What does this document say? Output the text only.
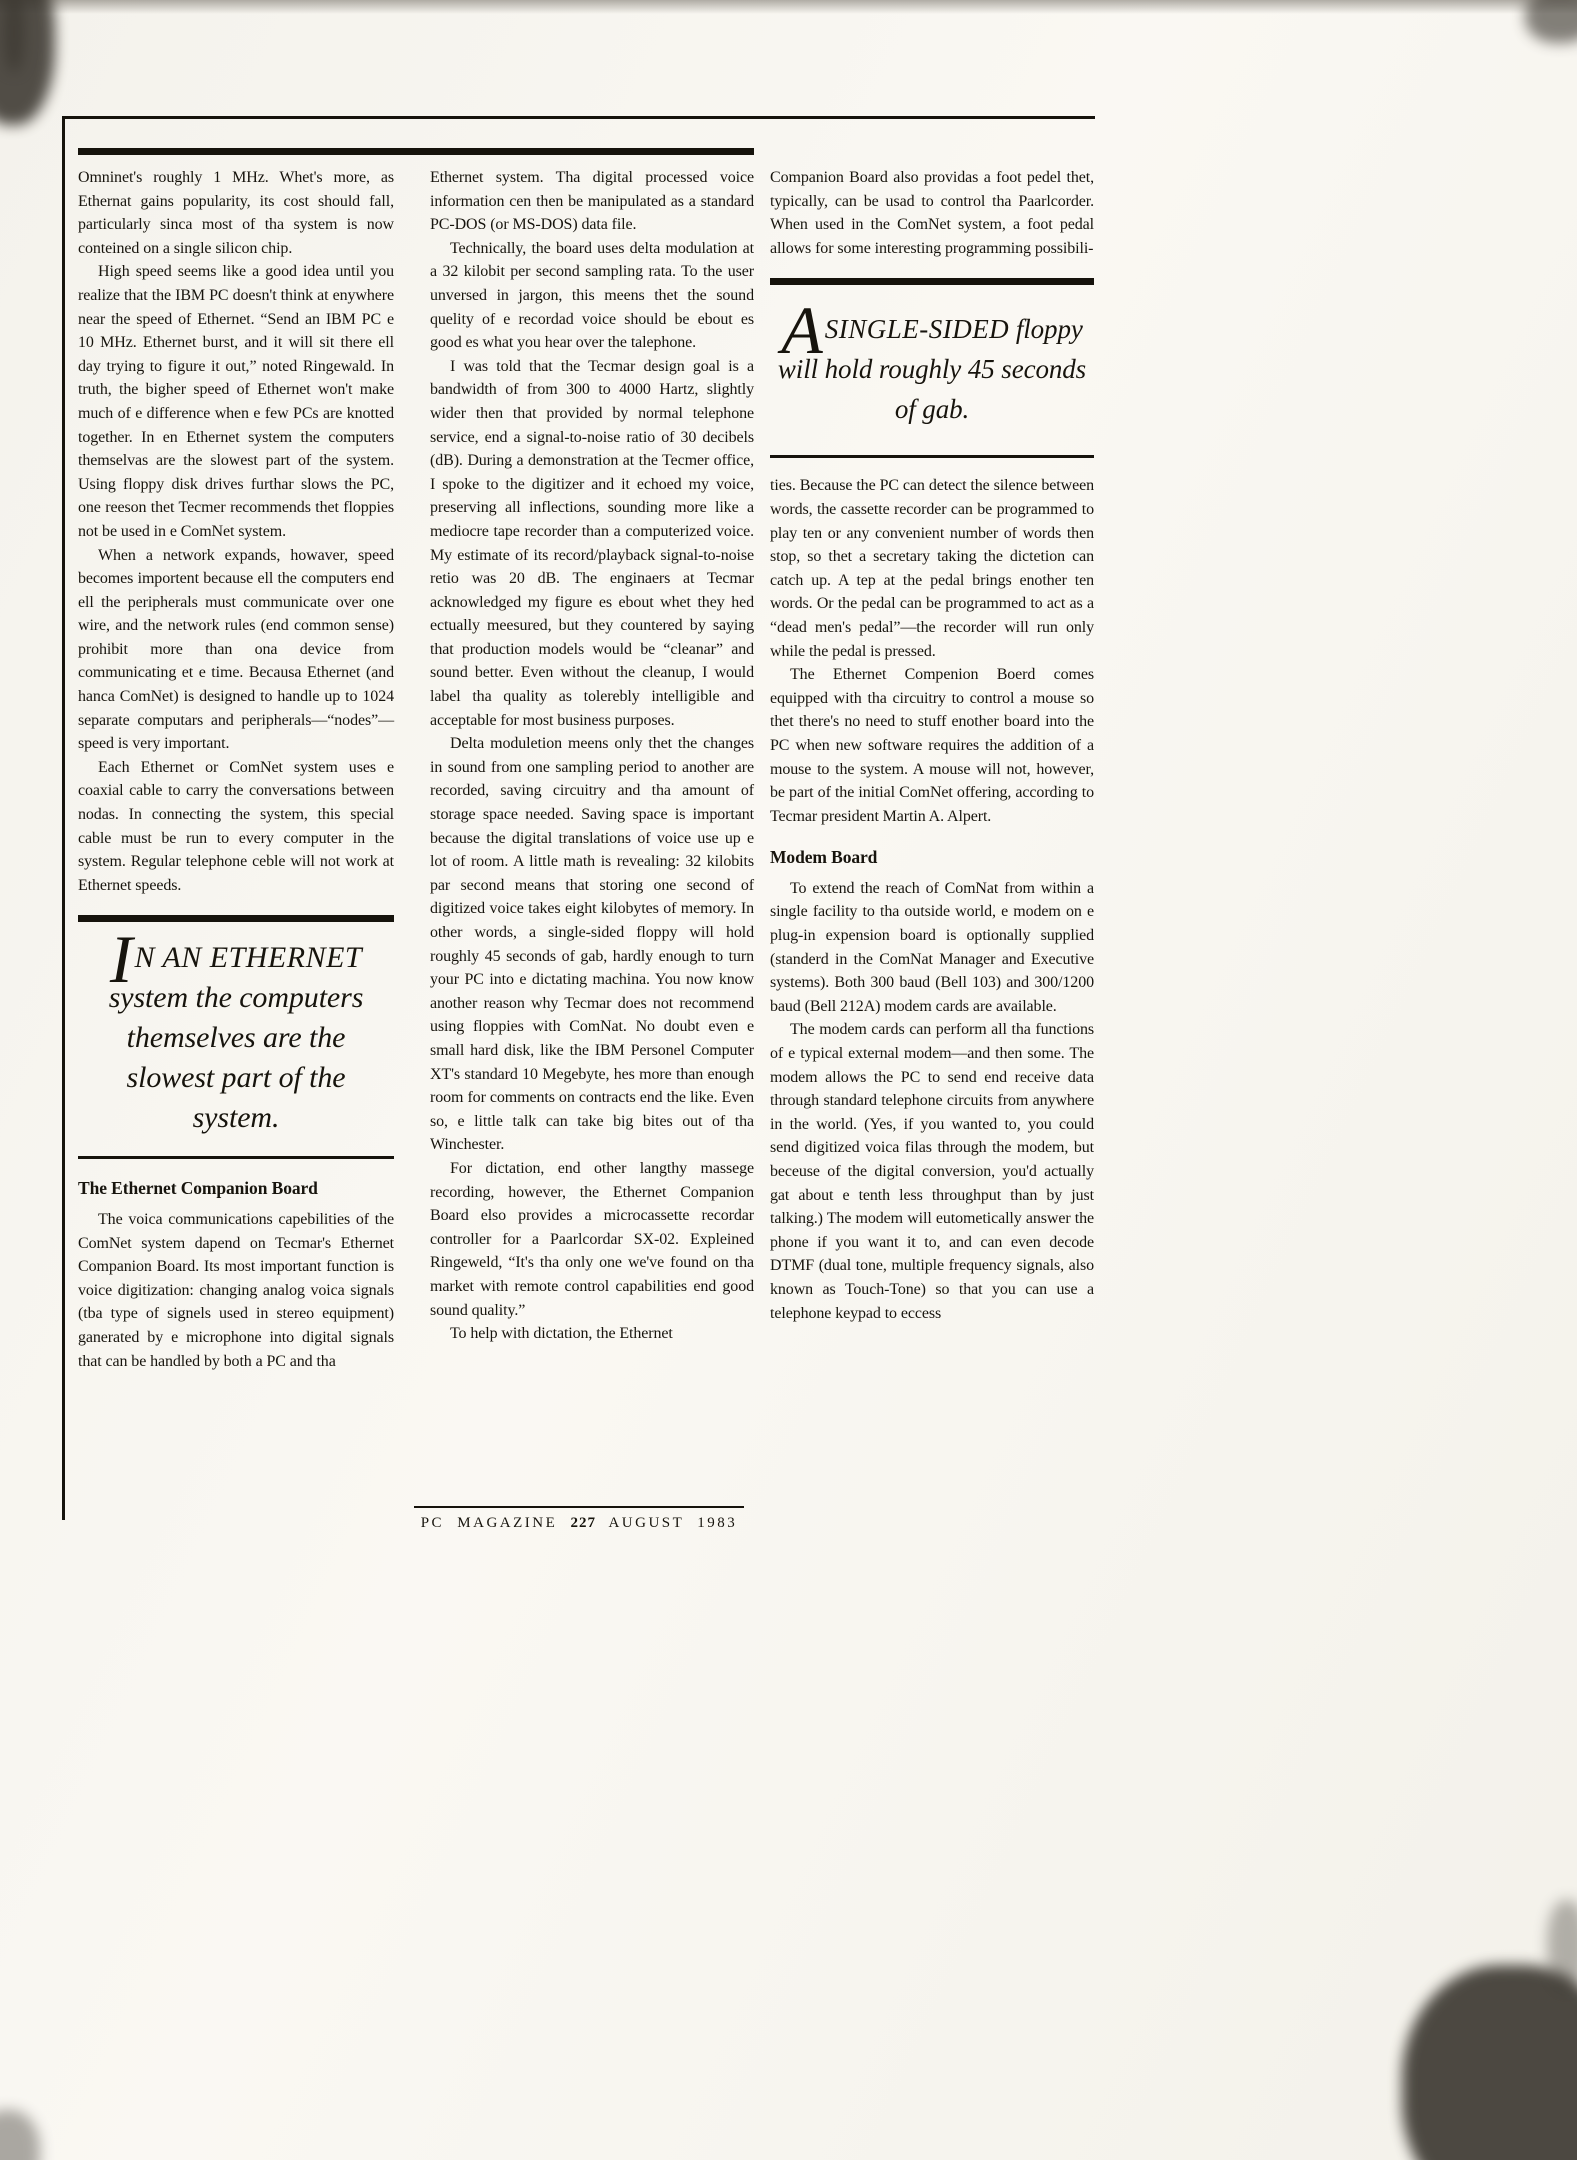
Omninet's roughly 1 MHz. Whet's more, as Ethernat gains popularity, its cost should fall, particularly sinca most of tha system is now conteined on a single silicon chip.

High speed seems like a good idea until you realize that the IBM PC doesn't think at enywhere near the speed of Ethernet. “Send an IBM PC e 10 MHz. Ethernet burst, and it will sit there ell day trying to figure it out,” noted Ringewald. In truth, the bigher speed of Ethernet won't make much of e difference when e few PCs are knotted together. In en Ethernet system the computers themselvas are the slowest part of the system. Using floppy disk drives furthar slows the PC, one reeson thet Tecmer recommends thet floppies not be used in e ComNet system.

When a network expands, howaver, speed becomes importent because ell the computers end ell the peripherals must communicate over one wire, and the network rules (end common sense) prohibit more than ona device from communicating et e time. Becausa Ethernet (and hanca ComNet) is designed to handle up to 1024 separate computars and peripherals—“nodes”—speed is very important.

Each Ethernet or ComNet system uses e coaxial cable to carry the conversations between nodas. In connecting the system, this special cable must be run to every computer in the system. Regular telephone ceble will not work at Ethernet speeds.

IN AN ETHERNET system the computers themselves are the slowest part of the system.
The Ethernet Companion Board

The voica communications capebilities of the ComNet system dapend on Tecmar's Ethernet Companion Board. Its most important function is voice digitization: changing analog voica signals (tba type of signels used in stereo equipment) ganerated by e microphone into digital signals that can be handled by both a PC and tha

Ethernet system. Tha digital processed voice information cen then be manipulated as a standard PC-DOS (or MS-DOS) data file.

Technically, the board uses delta modulation at a 32 kilobit per second sampling rata. To the user unversed in jargon, this meens thet the sound quelity of e recordad voice should be ebout es good es what you hear over the talephone.

I was told that the Tecmar design goal is a bandwidth of from 300 to 4000 Hartz, slightly wider then that provided by normal telephone service, end a signal-to-noise ratio of 30 decibels (dB). During a demonstration at the Tecmer office, I spoke to the digitizer and it echoed my voice, preserving all inflections, sounding more like a mediocre tape recorder than a computerized voice. My estimate of its record/playback signal-to-noise retio was 20 dB. The enginaers at Tecmar acknowledged my figure es ebout whet they hed ectually meesured, but they countered by saying that production models would be “cleanar” and sound better. Even without the cleanup, I would label tha quality as tolerebly intelligible and acceptable for most business purposes.

Delta moduletion meens only thet the changes in sound from one sampling period to another are recorded, saving circuitry and tha amount of storage space needed. Saving space is important because the digital translations of voice use up e lot of room. A little math is revealing: 32 kilobits par second means that storing one second of digitized voice takes eight kilobytes of memory. In other words, a single-sided floppy will hold roughly 45 seconds of gab, hardly enough to turn your PC into e dictating machina. You now know another reason why Tecmar does not recommend using floppies with ComNat. No doubt even e small hard disk, like the IBM Personel Computer XT's standard 10 Megebyte, hes more than enough room for comments on contracts end the like. Even so, e little talk can take big bites out of tha Winchester.

For dictation, end other langthy massege recording, however, the Ethernet Companion Board elso provides a microcassette recordar controller for a Paarlcordar SX-02. Expleined Ringeweld, “It's tha only one we've found on tha market with remote control capabilities end good sound quality.”

To help with dictation, the Ethernet

Companion Board also providas a foot pedel thet, typically, can be usad to control tha Paarlcorder. When used in the ComNet system, a foot pedal allows for some interesting programming possibili-

ASINGLE-SIDED floppy will hold roughly 45 seconds of gab.

ties. Because the PC can detect the silence between words, the cassette recorder can be programmed to play ten or any convenient number of words then stop, so thet a secretary taking the dictetion can catch up. A tep at the pedal brings enother ten words. Or the pedal can be programmed to act as a “dead men's pedal”—the recorder will run only while the pedal is pressed.

The Ethernet Compenion Boerd comes equipped with tha circuitry to control a mouse so thet there's no need to stuff enother board into the PC when new software requires the addition of a mouse to the system. A mouse will not, however, be part of the initial ComNet offering, according to Tecmar president Martin A. Alpert.

Modem Board

To extend the reach of ComNat from within a single facility to tha outside world, e modem on e plug-in expension board is optionally supplied (standerd in the ComNat Manager and Executive systems). Both 300 baud (Bell 103) and 300/1200 baud (Bell 212A) modem cards are available.

The modem cards can perform all tha functions of e typical external modem—and then some. The modem allows the PC to send end receive data through standard telephone circuits from anywhere in the world. (Yes, if you wanted to, you could send digitized voica filas through the modem, but beceuse of the digital conversion, you'd actually gat about e tenth less throughput than by just talking.) The modem will eutometically answer the phone if you want it to, and can even decode DTMF (dual tone, multiple frequency signals, also known as Touch-Tone) so that you can use a telephone keypad to eccess

PC MAGAZINE 227 AUGUST 1983
